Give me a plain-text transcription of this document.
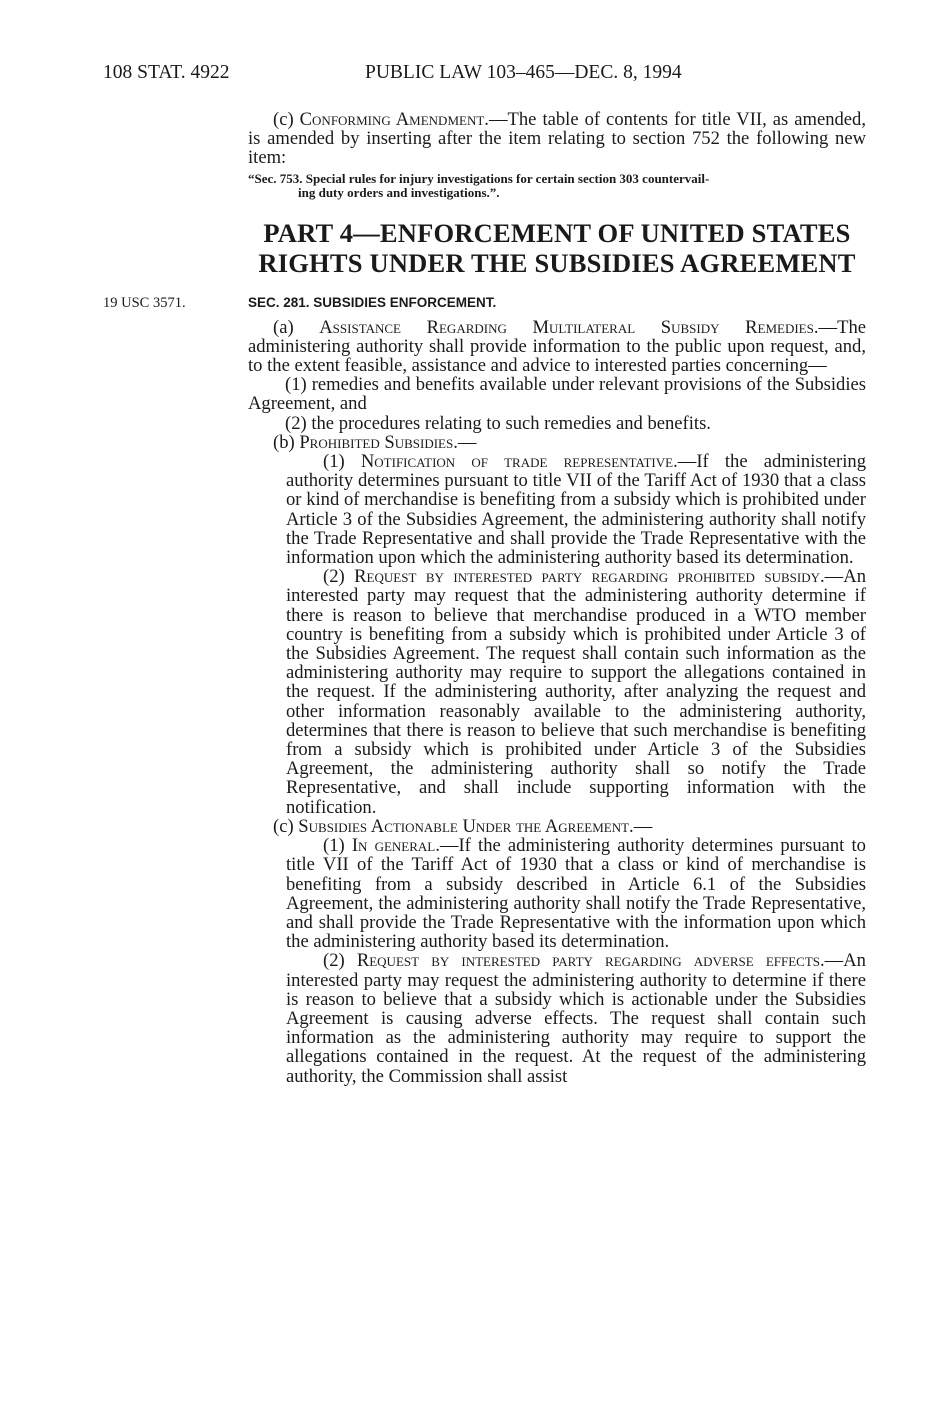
108 STAT. 4922	PUBLIC LAW 103–465—DEC. 8, 1994

(c) Conforming Amendment.—The table of contents for title VII, as amended, is amended by inserting after the item relating to section 752 the following new item:

“Sec. 753. Special rules for injury investigations for certain section 303 countervail-
ing duty orders and investigations.”.
PART 4—ENFORCEMENT OF UNITED STATES
RIGHTS UNDER THE SUBSIDIES AGREEMENT
19 USC 3571.	SEC. 281. SUBSIDIES ENFORCEMENT.

(a) Assistance Regarding Multilateral Subsidy Remedies.—The administering authority shall provide information to the public upon request, and, to the extent feasible, assistance and advice to interested parties concerning—

(1) remedies and benefits available under relevant provisions of the Subsidies Agreement, and

(2) the procedures relating to such remedies and benefits.

(b) Prohibited Subsidies.—

(1) Notification of trade representative.—If the administering authority determines pursuant to title VII of the Tariff Act of 1930 that a class or kind of merchandise is benefiting from a subsidy which is prohibited under Article 3 of the Subsidies Agreement, the administering authority shall notify the Trade Representative and shall provide the Trade Representative with the information upon which the administering authority based its determination.

(2) Request by interested party regarding prohibited subsidy.—An interested party may request that the administering authority determine if there is reason to believe that merchandise produced in a WTO member country is benefiting from a subsidy which is prohibited under Article 3 of the Subsidies Agreement. The request shall contain such information as the administering authority may require to support the allegations contained in the request. If the administering authority, after analyzing the request and other information reasonably available to the administering authority, determines that there is reason to believe that such merchandise is benefiting from a subsidy which is prohibited under Article 3 of the Subsidies Agreement, the administering authority shall so notify the Trade Representative, and shall include supporting information with the notification.

(c) Subsidies Actionable Under the Agreement.—

(1) In general.—If the administering authority determines pursuant to title VII of the Tariff Act of 1930 that a class or kind of merchandise is benefiting from a subsidy described in Article 6.1 of the Subsidies Agreement, the administering authority shall notify the Trade Representative, and shall provide the Trade Representative with the information upon which the administering authority based its determination.

(2) Request by interested party regarding adverse effects.—An interested party may request the administering authority to determine if there is reason to believe that a subsidy which is actionable under the Subsidies Agreement is causing adverse effects. The request shall contain such information as the administering authority may require to support the allegations contained in the request. At the request of the administering authority, the Commission shall assist
